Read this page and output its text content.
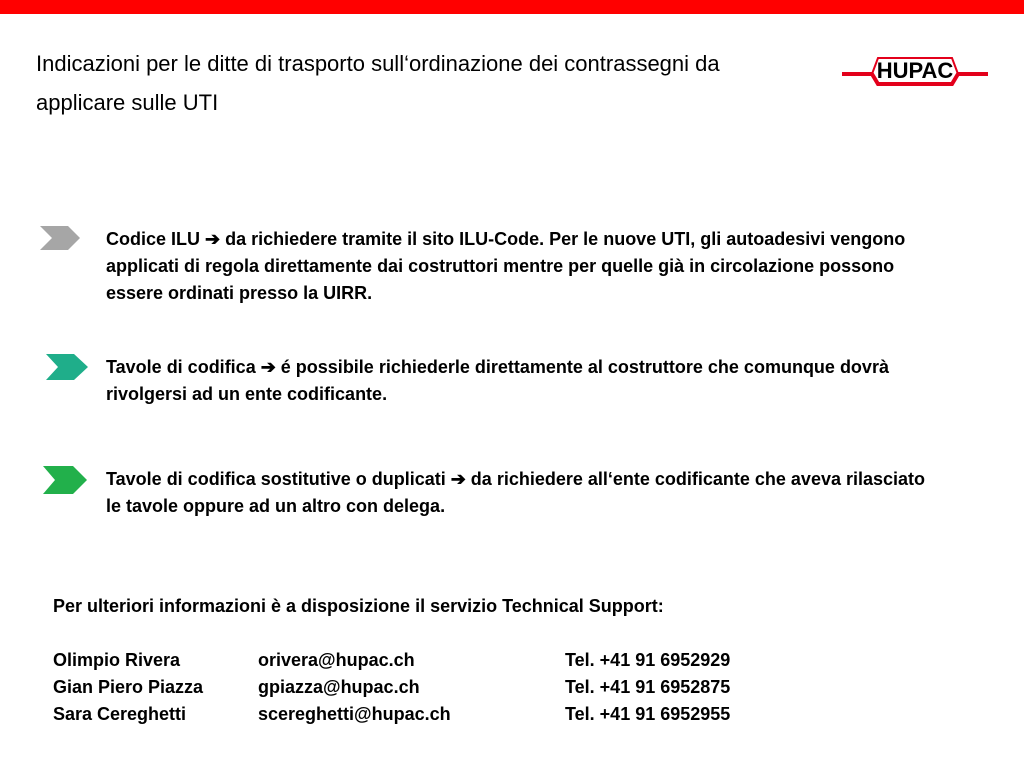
Indicazioni per le ditte di trasporto sull‘ordinazione dei contrassegni da applicare sulle UTI
HUPAC
Codice ILU ➔ da richiedere tramite il sito ILU-Code. Per le nuove UTI, gli autoadesivi vengono applicati di regola direttamente dai costruttori mentre per quelle già in circolazione possono essere ordinati presso la UIRR.
Tavole di codifica ➔ é possibile richiederle direttamente al costruttore che comunque dovrà rivolgersi ad un ente codificante.
Tavole di codifica sostitutive o duplicati ➔ da richiedere all‘ente codificante che aveva rilasciato le tavole oppure ad un altro con delega.

Per ulteriori informazioni è a disposizione il servizio Technical Support:

Olimpio Rivera	orivera@hupac.ch	Tel. +41 91 6952929
Gian Piero Piazza	gpiazza@hupac.ch	Tel. +41 91 6952875
Sara Cereghetti	scereghetti@hupac.ch	Tel. +41 91 6952955
